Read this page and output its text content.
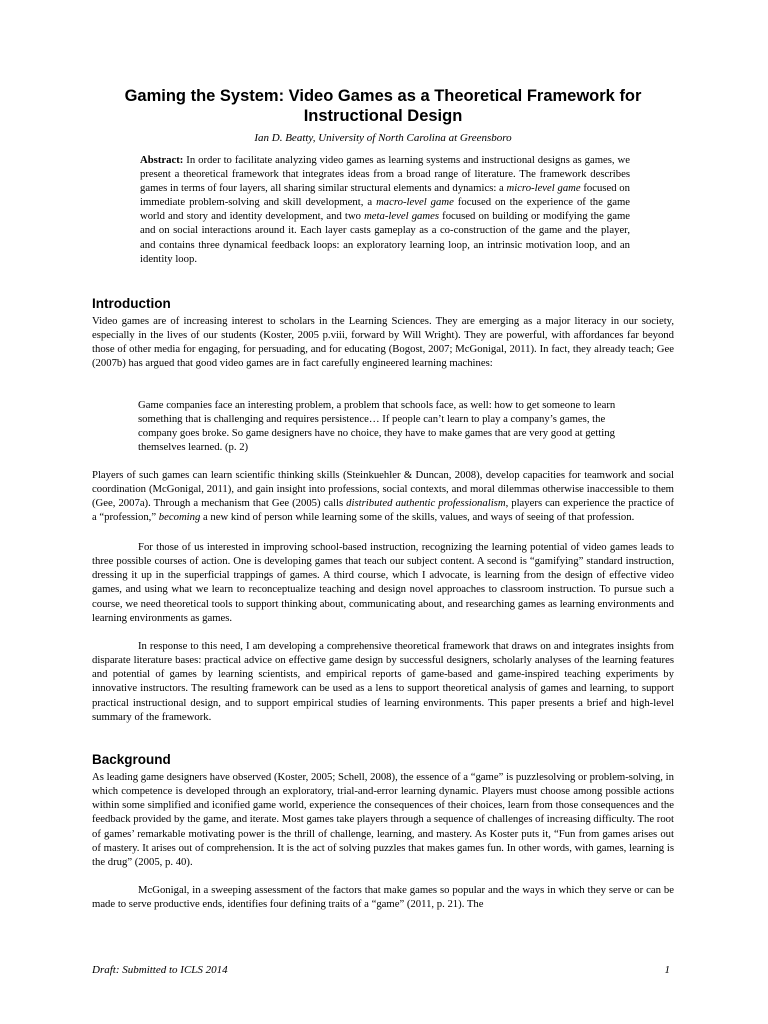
Gaming the System: Video Games as a Theoretical Framework for Instructional Design
Ian D. Beatty, University of North Carolina at Greensboro
Abstract: In order to facilitate analyzing video games as learning systems and instructional designs as games, we present a theoretical framework that integrates ideas from a broad range of literature. The framework describes games in terms of four layers, all sharing similar structural elements and dynamics: a micro-level game focused on immediate problem-solving and skill development, a macro-level game focused on the experience of the game world and story and identity development, and two meta-level games focused on building or modifying the game and on social interactions around it. Each layer casts gameplay as a co-construction of the game and the player, and contains three dynamical feedback loops: an exploratory learning loop, an intrinsic motivation loop, and an identity loop.
Introduction

Video games are of increasing interest to scholars in the Learning Sciences. They are emerging as a major literacy in our society, especially in the lives of our students (Koster, 2005 p.viii, forward by Will Wright). They are powerful, with affordances far beyond those of other media for engaging, for persuading, and for educating (Bogost, 2007; McGonigal, 2011). In fact, they already teach; Gee (2007b) has argued that good video games are in fact carefully engineered learning machines:

Game companies face an interesting problem, a problem that schools face, as well: how to get someone to learn something that is challenging and requires persistence… If people can’t learn to play a company’s games, the company goes broke. So game designers have no choice, they have to make games that are very good at getting themselves learned. (p. 2)

Players of such games can learn scientific thinking skills (Steinkuehler & Duncan, 2008), develop capacities for teamwork and social coordination (McGonigal, 2011), and gain insight into professions, social contexts, and moral dilemmas otherwise inaccessible to them (Gee, 2007a). Through a mechanism that Gee (2005) calls distributed authentic professionalism, players can experience the practice of a “profession,” becoming a new kind of person while learning some of the skills, values, and ways of seeing of that profession.

For those of us interested in improving school-based instruction, recognizing the learning potential of video games leads to three possible courses of action. One is developing games that teach our subject content. A second is “gamifying” standard instruction, dressing it up in the superficial trappings of games. A third course, which I advocate, is learning from the design of effective video games, and using what we learn to reconceptualize teaching and design novel approaches to classroom instruction. To pursue such a course, we need theoretical tools to support thinking about, communicating about, and researching games as learning environments and learning environments as games.

In response to this need, I am developing a comprehensive theoretical framework that draws on and integrates insights from disparate literature bases: practical advice on effective game design by successful designers, scholarly analyses of the learning features and potential of games by learning scientists, and empirical reports of game-based and game-inspired teaching experiments by innovative instructors. The resulting framework can be used as a lens to support theoretical analysis of games and learning, to support practical instructional design, and to support empirical studies of learning environments. This paper presents a brief and high-level summary of the framework.

Background

As leading game designers have observed (Koster, 2005; Schell, 2008), the essence of a “game” is puzzlesolving or problem-solving, in which competence is developed through an exploratory, trial-and-error learning dynamic. Players must choose among possible actions within some simplified and iconified game world, experience the consequences of their choices, learn from those consequences and the feedback provided by the game, and iterate. Most games take players through a sequence of challenges of increasing difficulty. The root of games’ remarkable motivating power is the thrill of challenge, learning, and mastery. As Koster puts it, “Fun from games arises out of mastery. It arises out of comprehension. It is the act of solving puzzles that makes games fun. In other words, with games, learning is the drug” (2005, p. 40).

McGonigal, in a sweeping assessment of the factors that make games so popular and the ways in which they serve or can be made to serve productive ends, identifies four defining traits of a “game” (2011, p. 21). The

Draft: Submitted to ICLS 2014	1
